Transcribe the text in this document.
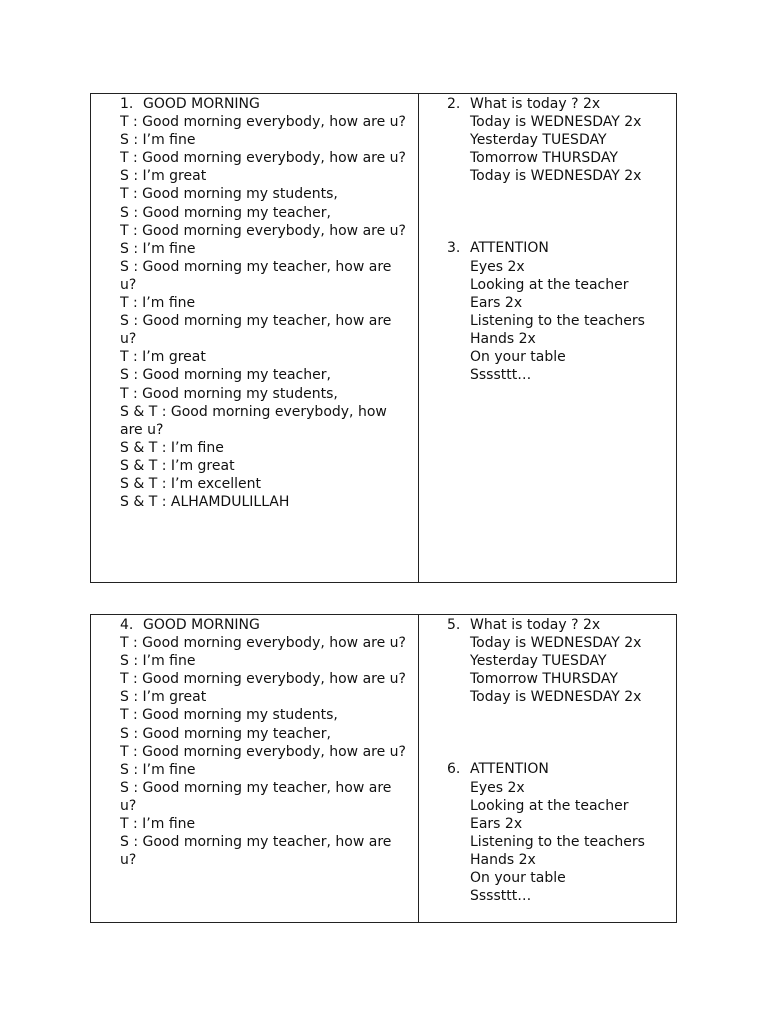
1. GOOD MORNING
T : Good morning everybody, how are u?
S : I’m fine
T : Good morning everybody, how are u?
S : I’m great
T : Good morning my students,
S : Good morning my teacher,
T : Good morning everybody, how are u?
S : I’m fine
S : Good morning my teacher, how are u?
T : I’m fine
S : Good morning my teacher, how are u?
T : I’m great
S : Good morning my teacher,
T : Good morning my students,
S & T : Good morning everybody, how are u?
S & T : I’m fine
S & T : I’m great
S & T : I’m excellent
S & T : ALHAMDULILLAH
2. What is today ? 2x
Today is WEDNESDAY 2x
Yesterday TUESDAY
Tomorrow THURSDAY
Today is WEDNESDAY 2x
3. ATTENTION
Eyes 2x
Looking at the teacher
Ears 2x
Listening to the teachers
Hands 2x
On your table
Ssssttt…
4. GOOD MORNING
T : Good morning everybody, how are u?
S : I’m fine
T : Good morning everybody, how are u?
S : I’m great
T : Good morning my students,
S : Good morning my teacher,
T : Good morning everybody, how are u?
S : I’m fine
S : Good morning my teacher, how are u?
T : I’m fine
S : Good morning my teacher, how are u?
5. What is today ? 2x
Today is WEDNESDAY 2x
Yesterday TUESDAY
Tomorrow THURSDAY
Today is WEDNESDAY 2x
6. ATTENTION
Eyes 2x
Looking at the teacher
Ears 2x
Listening to the teachers
Hands 2x
On your table
Ssssttt…
